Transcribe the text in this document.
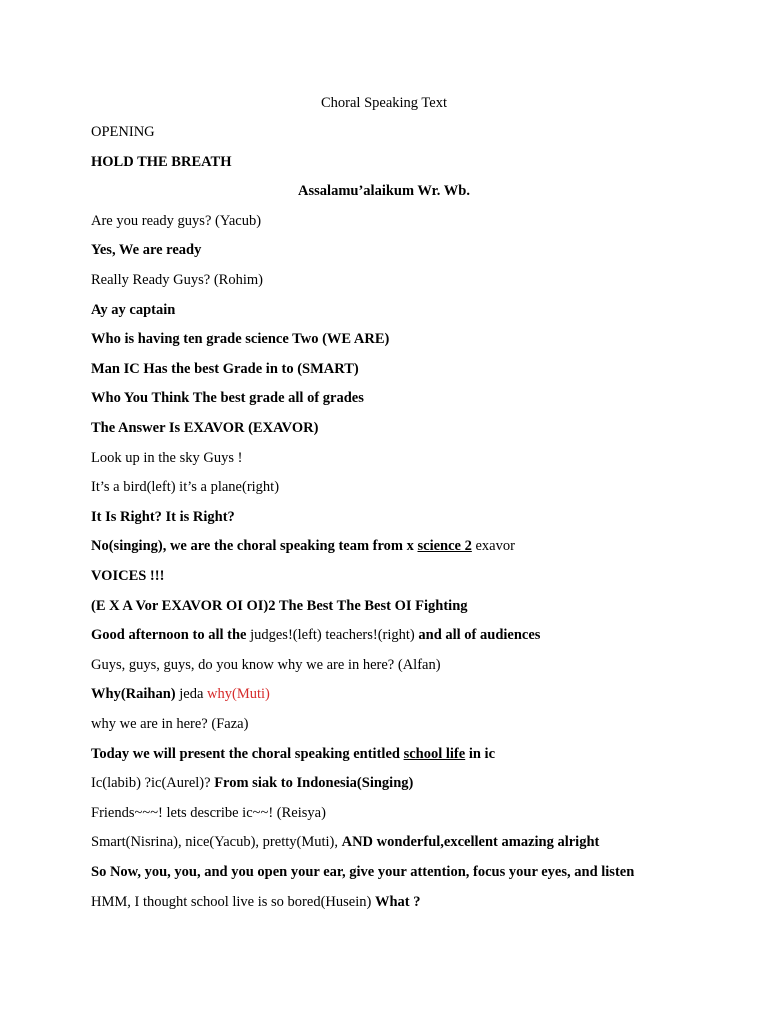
Choral Speaking Text
OPENING
HOLD THE BREATH
Assalamu’alaikum Wr. Wb.
Are you ready guys? (Yacub)
Yes, We are ready
Really Ready Guys? (Rohim)
Ay ay captain
Who is having ten grade science Two (WE ARE)
Man IC Has the best Grade in to (SMART)
Who You Think The best grade all of grades
The Answer Is EXAVOR (EXAVOR)
Look up in the sky Guys !
It’s a bird(left) it’s a plane(right)
It Is Right? It is Right?
No(singing), we are the choral speaking team from x science 2 exavor
VOICES !!!
(E X A Vor EXAVOR OI OI)2 The Best The Best OI Fighting
Good afternoon to all the judges!(left) teachers!(right) and all of audiences
Guys, guys, guys, do you know why we are in here? (Alfan)
Why(Raihan) jeda why(Muti)
why we are in here? (Faza)
Today we will present the choral speaking entitled school life in ic
Ic(labib) ?ic(Aurel)? From siak to Indonesia(Singing)
Friends~~~! lets describe ic~~! (Reisya)
Smart(Nisrina), nice(Yacub), pretty(Muti), AND wonderful,excellent amazing alright
So Now, you, you, and you open your ear, give your attention, focus your eyes, and listen
HMM, I thought school live is so bored(Husein) What ?
